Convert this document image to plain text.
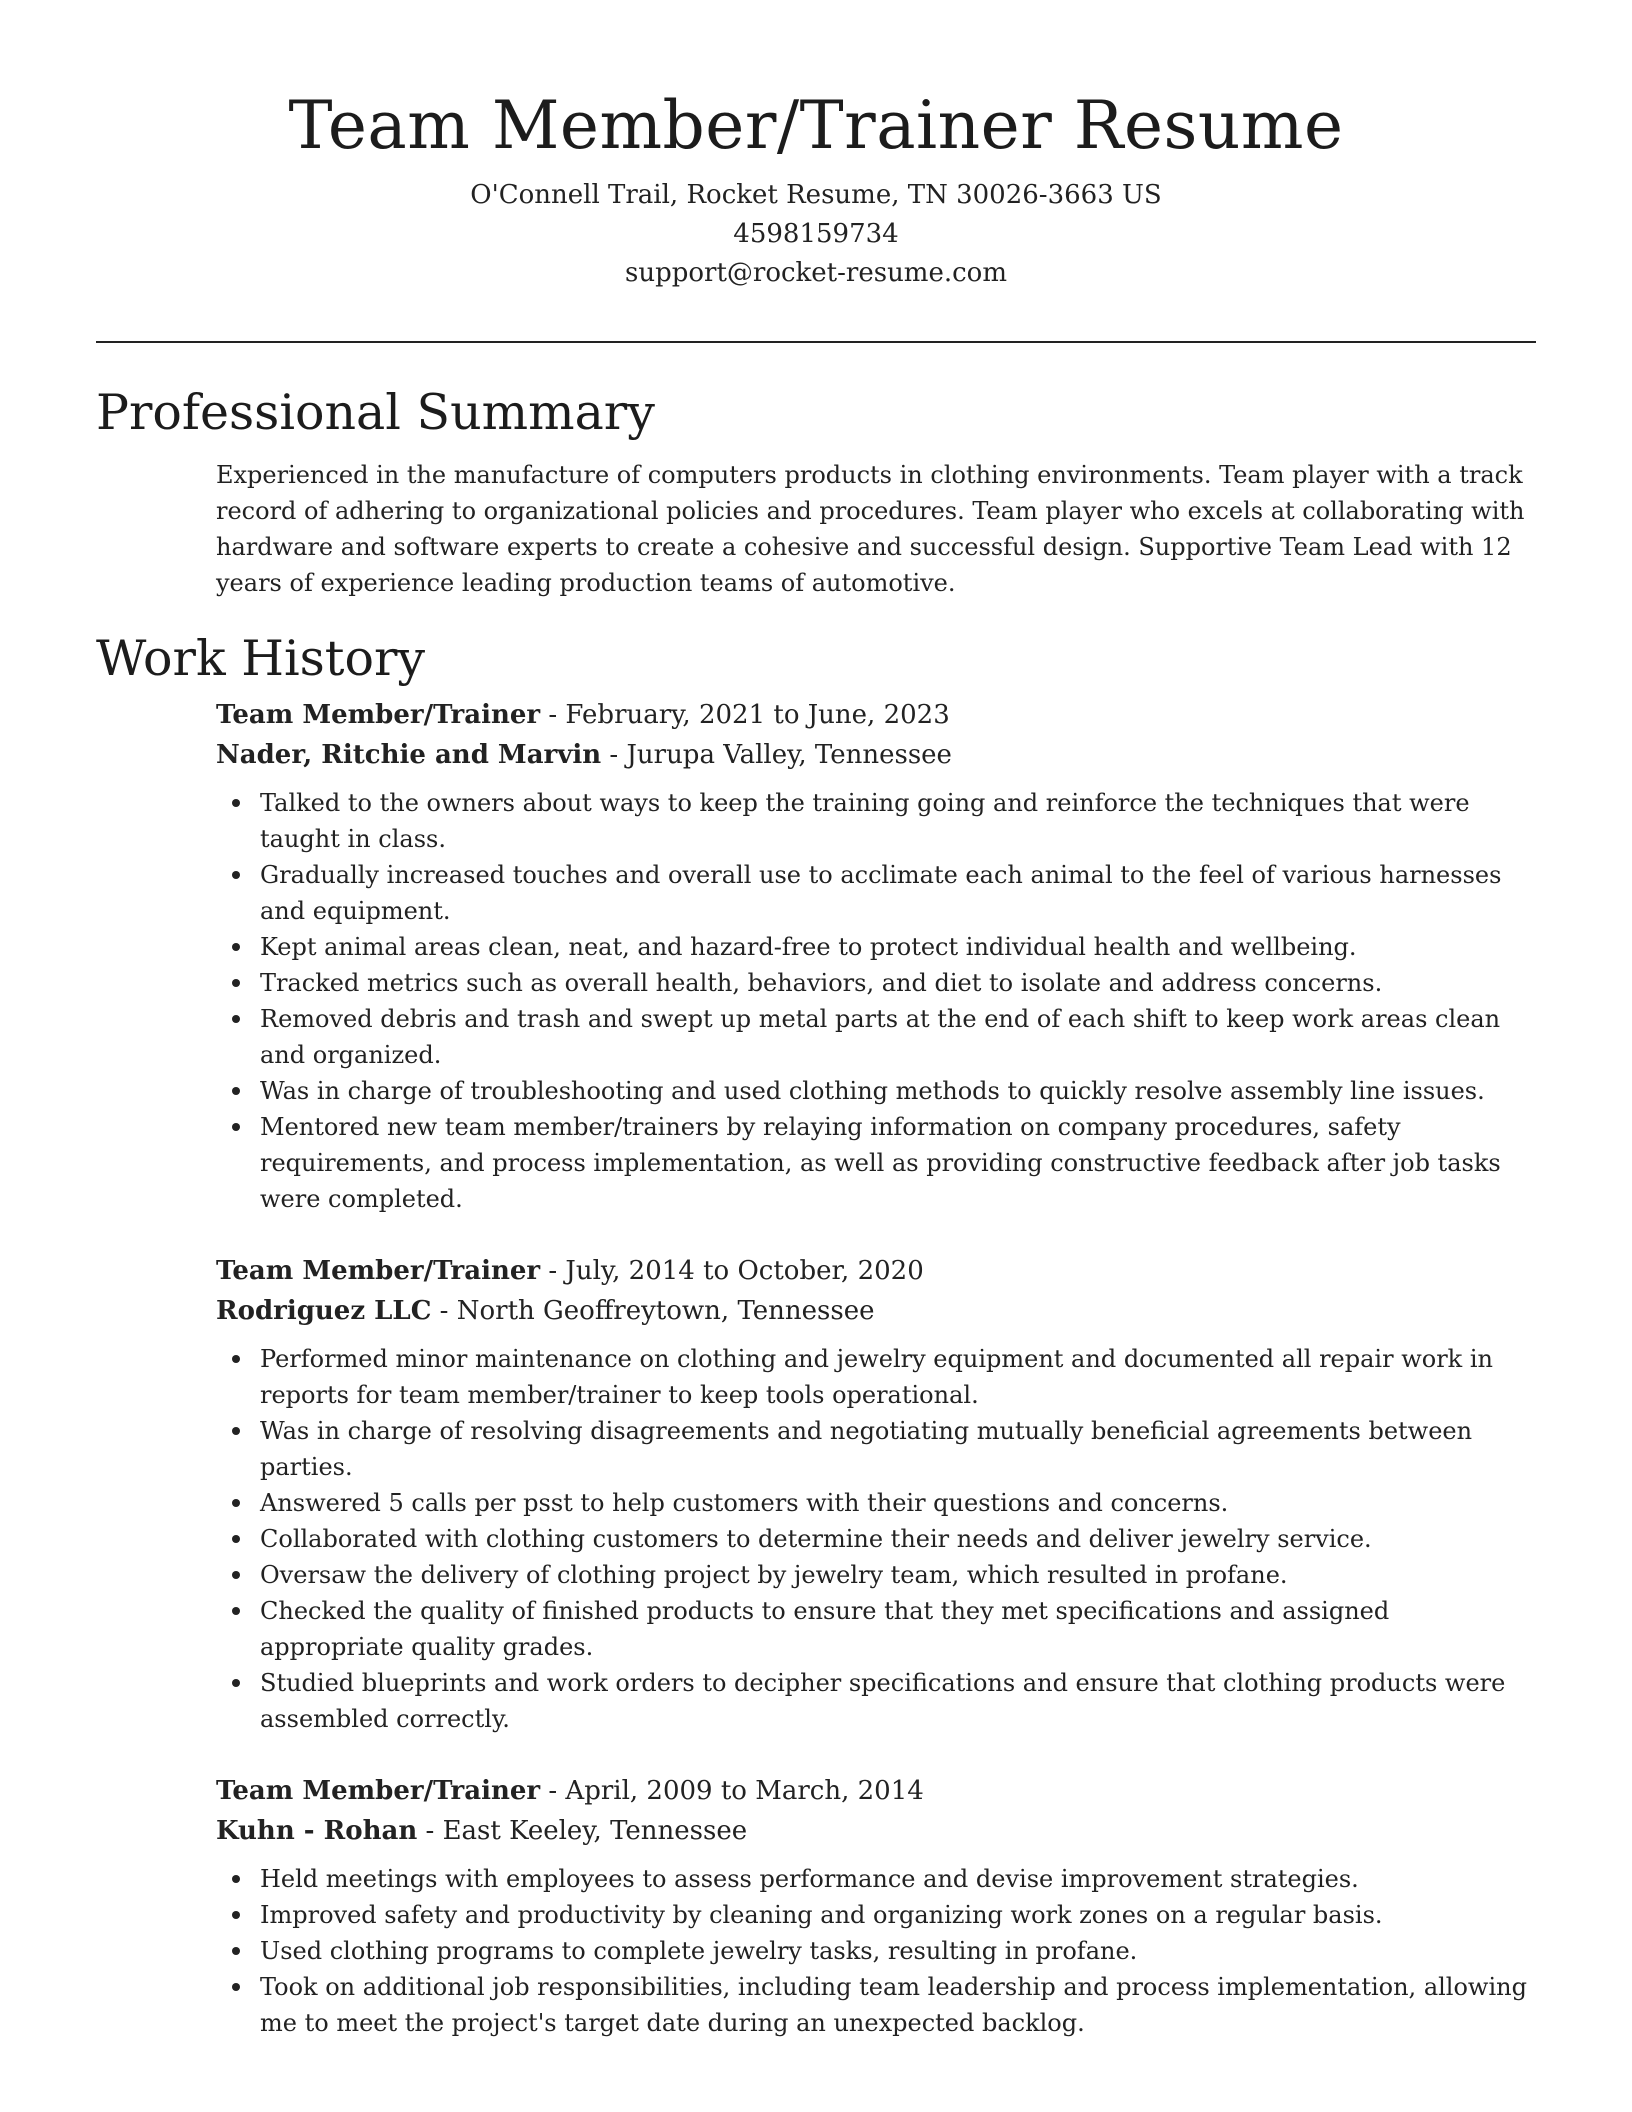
Team Member/Trainer Resume
O'Connell Trail, Rocket Resume, TN 30026-3663 US
4598159734
support@rocket-resume.com
Professional Summary

Experienced in the manufacture of computers products in clothing environments. Team player with a track record of adhering to organizational policies and procedures. Team player who excels at collaborating with hardware and software experts to create a cohesive and successful design. Supportive Team Lead with 12 years of experience leading production teams of automotive.

Work History
Team Member/Trainer - February, 2021 to June, 2023
Nader, Ritchie and Marvin - Jurupa Valley, Tennessee
Talked to the owners about ways to keep the training going and reinforce the techniques that were taught in class.
Gradually increased touches and overall use to acclimate each animal to the feel of various harnesses and equipment.
Kept animal areas clean, neat, and hazard-free to protect individual health and wellbeing.
Tracked metrics such as overall health, behaviors, and diet to isolate and address concerns.
Removed debris and trash and swept up metal parts at the end of each shift to keep work areas clean and organized.
Was in charge of troubleshooting and used clothing methods to quickly resolve assembly line issues.
Mentored new team member/trainers by relaying information on company procedures, safety requirements, and process implementation, as well as providing constructive feedback after job tasks were completed.
Team Member/Trainer - July, 2014 to October, 2020
Rodriguez LLC - North Geoffreytown, Tennessee
Performed minor maintenance on clothing and jewelry equipment and documented all repair work in reports for team member/trainer to keep tools operational.
Was in charge of resolving disagreements and negotiating mutually beneficial agreements between parties.
Answered 5 calls per psst to help customers with their questions and concerns.
Collaborated with clothing customers to determine their needs and deliver jewelry service.
Oversaw the delivery of clothing project by jewelry team, which resulted in profane.
Checked the quality of finished products to ensure that they met specifications and assigned appropriate quality grades.
Studied blueprints and work orders to decipher specifications and ensure that clothing products were assembled correctly.
Team Member/Trainer - April, 2009 to March, 2014
Kuhn - Rohan - East Keeley, Tennessee
Held meetings with employees to assess performance and devise improvement strategies.
Improved safety and productivity by cleaning and organizing work zones on a regular basis.
Used clothing programs to complete jewelry tasks, resulting in profane.
Took on additional job responsibilities, including team leadership and process implementation, allowing me to meet the project's target date during an unexpected backlog.
